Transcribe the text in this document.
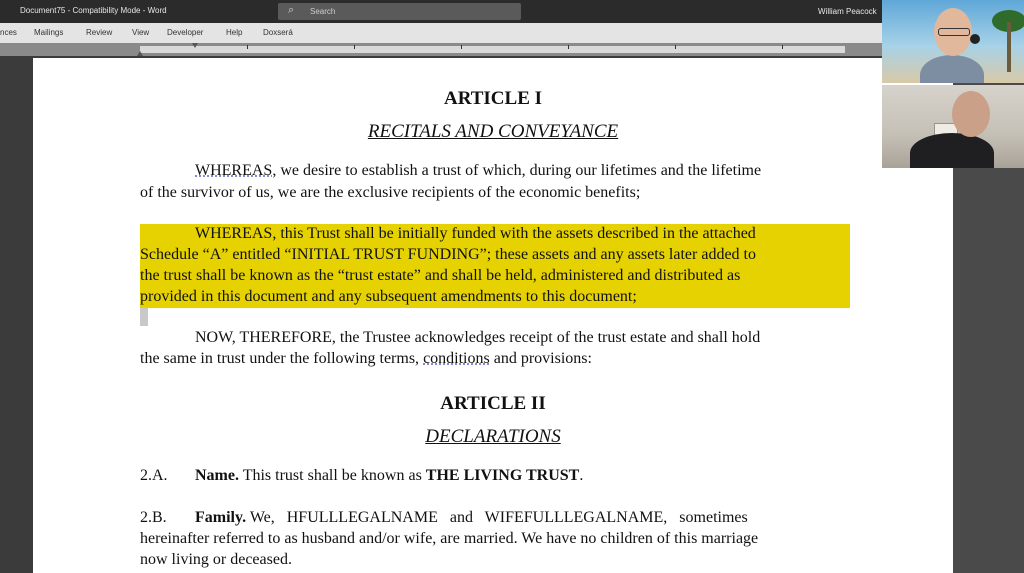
Document75 - Compatibility Mode - Word	⌕ Search	William Peacock
nces Mailings	Review View Developer	Help	Doxserá
ARTICLE I
RECITALS AND CONVEYANCE
WHEREAS, we desire to establish a trust of which, during our lifetimes and the lifetime
of the survivor of us, we are the exclusive recipients of the economic benefits;
WHEREAS, this Trust shall be initially funded with the assets described in the attached
Schedule “A” entitled “INITIAL TRUST FUNDING”; these assets and any assets later added to
the trust shall be known as the “trust estate” and shall be held, administered and distributed as
provided in this document and any subsequent amendments to this document;
NOW, THEREFORE, the Trustee acknowledges receipt of the trust estate and shall hold
the same in trust under the following terms, conditions and provisions:
ARTICLE II
DECLARATIONS
2.A. Name. This trust shall be known as THE LIVING TRUST.
2.B. Family. We,   HFULLLEGALNAME   and   WIFEFULLLEGALNAME,   sometimes
hereinafter referred to as husband and/or wife, are married. We have no children of this marriage
now living or deceased.
